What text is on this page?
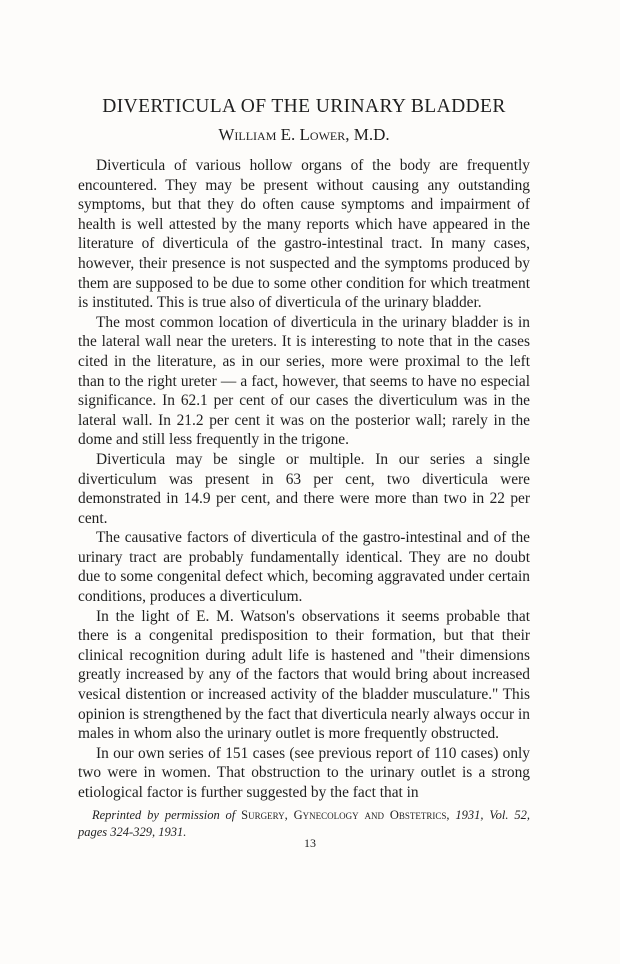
DIVERTICULA OF THE URINARY BLADDER
William E. Lower, M.D.

Diverticula of various hollow organs of the body are frequently encountered. They may be present without causing any outstanding symptoms, but that they do often cause symptoms and impairment of health is well attested by the many reports which have appeared in the literature of diverticula of the gastro-intestinal tract. In many cases, however, their presence is not suspected and the symptoms produced by them are supposed to be due to some other condition for which treatment is instituted. This is true also of diverticula of the urinary bladder.

The most common location of diverticula in the urinary bladder is in the lateral wall near the ureters. It is interesting to note that in the cases cited in the literature, as in our series, more were proximal to the left than to the right ureter — a fact, however, that seems to have no especial significance. In 62.1 per cent of our cases the diverticulum was in the lateral wall. In 21.2 per cent it was on the posterior wall; rarely in the dome and still less frequently in the trigone.

Diverticula may be single or multiple. In our series a single diverticulum was present in 63 per cent, two diverticula were demonstrated in 14.9 per cent, and there were more than two in 22 per cent.

The causative factors of diverticula of the gastro-intestinal and of the urinary tract are probably fundamentally identical. They are no doubt due to some congenital defect which, becoming aggravated under certain conditions, produces a diverticulum.

In the light of E. M. Watson's observations it seems probable that there is a congenital predisposition to their formation, but that their clinical recognition during adult life is hastened and "their dimensions greatly increased by any of the factors that would bring about increased vesical distention or increased activity of the bladder musculature." This opinion is strengthened by the fact that diverticula nearly always occur in males in whom also the urinary outlet is more frequently obstructed.

In our own series of 151 cases (see previous report of 110 cases) only two were in women. That obstruction to the urinary outlet is a strong etiological factor is further suggested by the fact that in

Reprinted by permission of Surgery, Gynecology and Obstetrics, 1931, Vol. 52, pages 324-329, 1931.
13
